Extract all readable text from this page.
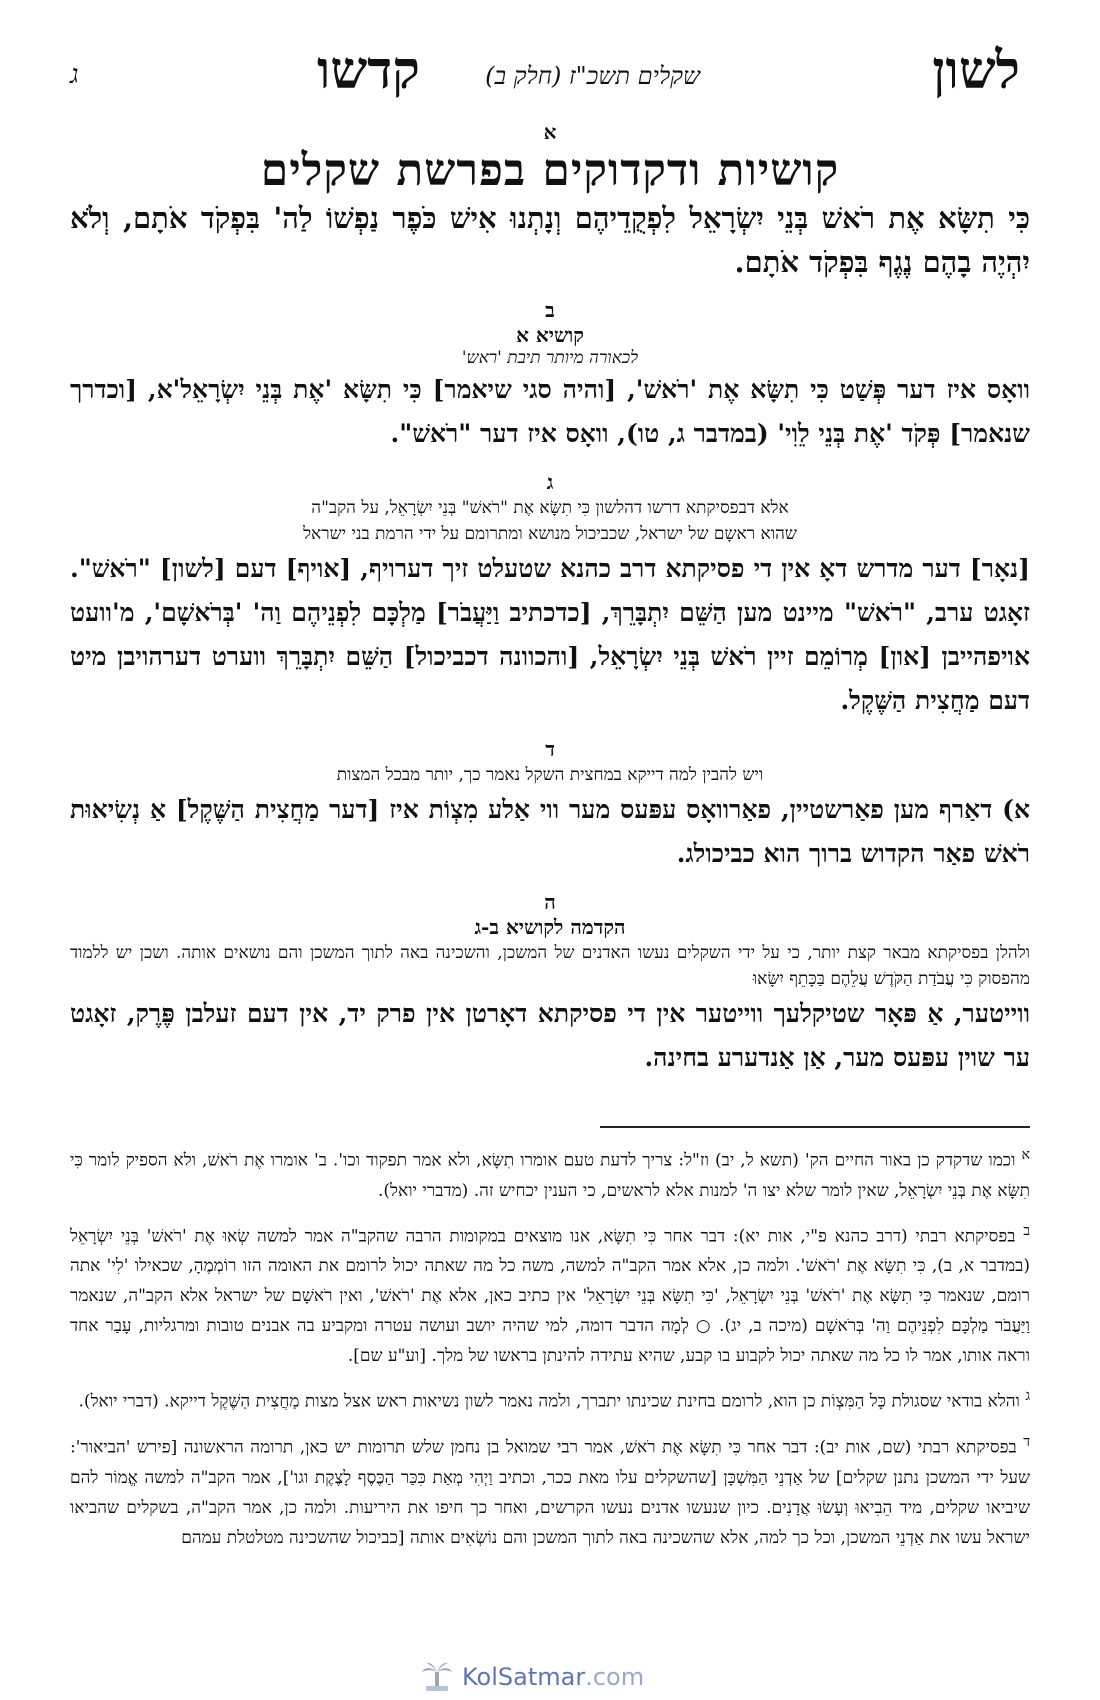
לשון
שקלים תשכ"ז (חלק ב)
קדשו
ג

א

קושיות ודקדוקים בפרשת שקלים

כִּי תִשָּׂא אֶת רֹאשׁ בְּנֵי יִשְׂרָאֵל לִפְקֻדֵיהֶם וְנָתְנוּ אִישׁ כֹּפֶר נַפְשׁוֹ לַה' בִּפְקֹד אֹתָם, וְלֹא יִהְיֶה בָהֶם נֶגֶף בִּפְקֹד אֹתָם.

ב

קושיא א

לכאורה מיותר תיבת 'ראש'

וואָס איז דער פְּשַׁט כִּי תִשָּׂא אֶת 'רֹאשׁ', [והיה סגי שיאמר] כִּי תִשָּׂא 'אֶת בְּנֵי יִשְׂרָאֵל'א, [וכדרך שנאמר] פְּקֹד 'אֶת בְּנֵי לֵוִי' (במדבר ג, טו), וואָס איז דער "רֹאשׁ".

ג

אלא דבפסיקתא דרשו דהלשון כִּי תִשָּׂא אֶת "רֹאשׁ" בְּנֵי יִשְׂרָאֵל, על הקב"ה

שהוא ראשָם של ישראל, שכביכול מנושא ומתרומם על ידי הרמת בני ישראל

[נאָר] דער מדרש דאָ אין די פסיקתא דרב כהנא שטעלט זיך דערויף, [אויף] דעם [לשון] "רֹאשׁ". זאָגט ערב, "רֹאשׁ" מיינט מען הַשֵּׁם יִתְבָּרֵךְ, [כדכתיב וַיַּעֲבֹר] מַלְכָּם לִפְנֵיהֶם וַה' 'בְּרֹאשָׁם', מ'וועט אויפהייבן [און] מְרוֹמֵם זיין רֹאשׁ בְּנֵי יִשְׂרָאֵל, [והכוונה דכביכול] הַשֵּׁם יִתְבָּרֵךְ ווערט דערהויבן מיט דעם מַחֲצִית הַשֶּׁקֶל.

ד

ויש להבין למה דייקא במחצית השקל נאמר כך, יותר מבכל המצות

א) דאַרף מען פאַרשטיין, פאַרוואָס עפּעס מער ווי אַלע מִצְוֹת איז [דער מַחֲצִית הַשֶּׁקֶל] אַ נְשִׂיאוּת רֹאשׁ פאַר הקדוש ברוך הוא כביכולג.

ה

הקדמה לקושיא ב-ג

ולהלן בפסיקתא מבאר קצת יותר, כי על ידי השקלים נעשו האדנים של המשכן, והשכינה באה לתוך המשכן והם נושאים אותה. ושכן יש ללמוד מהפסוק כִּי עֲבֹדַת הַקֹּדֶשׁ עֲלֵהֶם בַּכָּתֵף יִשָּׂאוּ

ווייטער, אַ פּאָר שטיקלעך ווייטער אין די פסיקתא דאָרטן אין פרק יד, אין דעם זעלבן פֶּרֶק, זאָגט ער שוין עפּעס מער, אַן אַנדערע בחינה.

$^א$ וכמו שדקדק כן באור החיים הק' (תשא ל, יב) וז"ל: צריך לדעת טעם אומרו תִשָּׂא, ולא אמר תפקוד וכו'. ב' אומרו אֶת רֹאשׁ, ולא הספיק לומר כִּי תִשָּׂא אֶת בְּנֵי יִשְׂרָאֵל, שאין לומר שלא יצו ה' למנות אלא לראשים, כי הענין יכחיש זה. (מדברי יואל).

$^ב$ בפסיקתא רבתי (דרב כהנא פ"י, אות יא): דבר אחר כִּי תִשָּׂא, אנו מוצאים במקומות הרבה שהקב"ה אמר למשה שְׂאוּ אֶת 'רֹאשׁ' בְּנֵי יִשְׂרָאֵל (במדבר א, ב), כִּי תִשָּׂא אֶת 'רֹאשׁ'. ולמה כן, אלא אמר הקב"ה למשה, משה כל מה שאתה יכול לרומם את האומה הזו רוֹמְמֶהָ, שכאילו 'לִי' אתה רומם, שנאמר כִּי תִשָּׂא אֶת 'רֹאשׁ' בְּנֵי יִשְׂרָאֵל, 'כִּי תִשָּׂא בְּנֵי יִשְׂרָאֵל' אין כתיב כאן, אלא אֶת 'רֹאשׁ', ואין רֹאשָׁם של ישראל אלא הקב"ה, שנאמר וַיַּעֲבֹר מַלְכָּם לִפְנֵיהֶם וַה' בְּרֹאשָׁם (מיכה ב, יג). ○ לְמָה הדבר דומה, למי שהיה יושב ועושה עטרה ומקביע בה אבנים טובות ומרגליות, עָבַר אחד וראה אותו, אמר לו כל מה שאתה יכול לקבוע בו קבע, שהיא עתידה להינתן בראשו של מלך. [וע"ע שם].

$^ג$ והלא בודאי שסגולת כָּל הַמִּצְוֹת כן הוא, לרומם בחינת שכינתו יתברך, ולמה נאמר לשון נשיאות ראש אצל מצות מַחֲצִית הַשֶּׁקֶל דייקא. (דברי יואל).

$^ד$ בפסיקתא רבתי (שם, אות יב): דבר אחר כִּי תִשָּׂא אֶת רֹאשׁ, אמר רבי שמואל בן נחמן שלש תרומות יש כאן, תרומה הראשונה [פירש 'הביאור': שעל ידי המשכן נתנן שקלים] של אַדְנֵי הַמִּשְׁכָּן [שהשקלים עלו מאת ככר, וכתיב וַיְהִי מְאַת כִּכַּר הַכֶּסֶף לָצֶקֶת וגו'], אמר הקב"ה למשה אֱמוֹר להם שיביאו שקלים, מיד הֵבִיאוּ וְעָשׂוּ אֲדָנִים. כיון שנעשו אדנים נעשו הקרשים, ואחר כך חיפו את היריעות. ולמה כן, אמר הקב"ה, בשקלים שהביאו ישראל עשו את אַדְנֵי המשכן, וכל כך למה, אלא שהשכינה באה לתוך המשכן והם נוֹשְׂאִים אותה [כביכול שהשכינה מטלטלת עמהם

KolSatmar .com
